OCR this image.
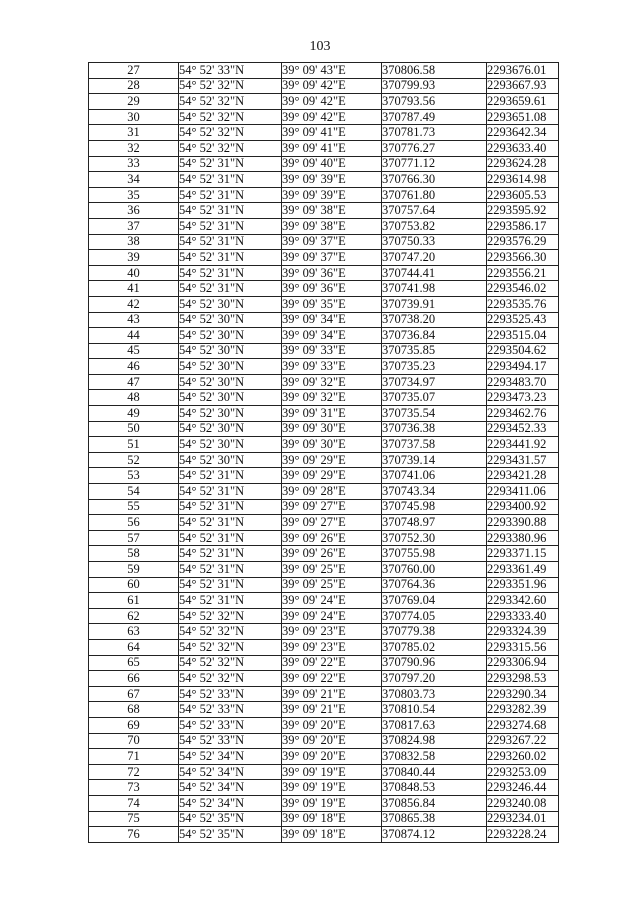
103
27	54° 52' 33"N	39° 09' 43"E	370806.58	2293676.01
28	54° 52' 32"N	39° 09' 42"E	370799.93	2293667.93
29	54° 52' 32"N	39° 09' 42"E	370793.56	2293659.61
30	54° 52' 32"N	39° 09' 42"E	370787.49	2293651.08
31	54° 52' 32"N	39° 09' 41"E	370781.73	2293642.34
32	54° 52' 32"N	39° 09' 41"E	370776.27	2293633.40
33	54° 52' 31"N	39° 09' 40"E	370771.12	2293624.28
34	54° 52' 31"N	39° 09' 39"E	370766.30	2293614.98
35	54° 52' 31"N	39° 09' 39"E	370761.80	2293605.53
36	54° 52' 31"N	39° 09' 38"E	370757.64	2293595.92
37	54° 52' 31"N	39° 09' 38"E	370753.82	2293586.17
38	54° 52' 31"N	39° 09' 37"E	370750.33	2293576.29
39	54° 52' 31"N	39° 09' 37"E	370747.20	2293566.30
40	54° 52' 31"N	39° 09' 36"E	370744.41	2293556.21
41	54° 52' 31"N	39° 09' 36"E	370741.98	2293546.02
42	54° 52' 30"N	39° 09' 35"E	370739.91	2293535.76
43	54° 52' 30"N	39° 09' 34"E	370738.20	2293525.43
44	54° 52' 30"N	39° 09' 34"E	370736.84	2293515.04
45	54° 52' 30"N	39° 09' 33"E	370735.85	2293504.62
46	54° 52' 30"N	39° 09' 33"E	370735.23	2293494.17
47	54° 52' 30"N	39° 09' 32"E	370734.97	2293483.70
48	54° 52' 30"N	39° 09' 32"E	370735.07	2293473.23
49	54° 52' 30"N	39° 09' 31"E	370735.54	2293462.76
50	54° 52' 30"N	39° 09' 30"E	370736.38	2293452.33
51	54° 52' 30"N	39° 09' 30"E	370737.58	2293441.92
52	54° 52' 30"N	39° 09' 29"E	370739.14	2293431.57
53	54° 52' 31"N	39° 09' 29"E	370741.06	2293421.28
54	54° 52' 31"N	39° 09' 28"E	370743.34	2293411.06
55	54° 52' 31"N	39° 09' 27"E	370745.98	2293400.92
56	54° 52' 31"N	39° 09' 27"E	370748.97	2293390.88
57	54° 52' 31"N	39° 09' 26"E	370752.30	2293380.96
58	54° 52' 31"N	39° 09' 26"E	370755.98	2293371.15
59	54° 52' 31"N	39° 09' 25"E	370760.00	2293361.49
60	54° 52' 31"N	39° 09' 25"E	370764.36	2293351.96
61	54° 52' 31"N	39° 09' 24"E	370769.04	2293342.60
62	54° 52' 32"N	39° 09' 24"E	370774.05	2293333.40
63	54° 52' 32"N	39° 09' 23"E	370779.38	2293324.39
64	54° 52' 32"N	39° 09' 23"E	370785.02	2293315.56
65	54° 52' 32"N	39° 09' 22"E	370790.96	2293306.94
66	54° 52' 32"N	39° 09' 22"E	370797.20	2293298.53
67	54° 52' 33"N	39° 09' 21"E	370803.73	2293290.34
68	54° 52' 33"N	39° 09' 21"E	370810.54	2293282.39
69	54° 52' 33"N	39° 09' 20"E	370817.63	2293274.68
70	54° 52' 33"N	39° 09' 20"E	370824.98	2293267.22
71	54° 52' 34"N	39° 09' 20"E	370832.58	2293260.02
72	54° 52' 34"N	39° 09' 19"E	370840.44	2293253.09
73	54° 52' 34"N	39° 09' 19"E	370848.53	2293246.44
74	54° 52' 34"N	39° 09' 19"E	370856.84	2293240.08
75	54° 52' 35"N	39° 09' 18"E	370865.38	2293234.01
76	54° 52' 35"N	39° 09' 18"E	370874.12	2293228.24
